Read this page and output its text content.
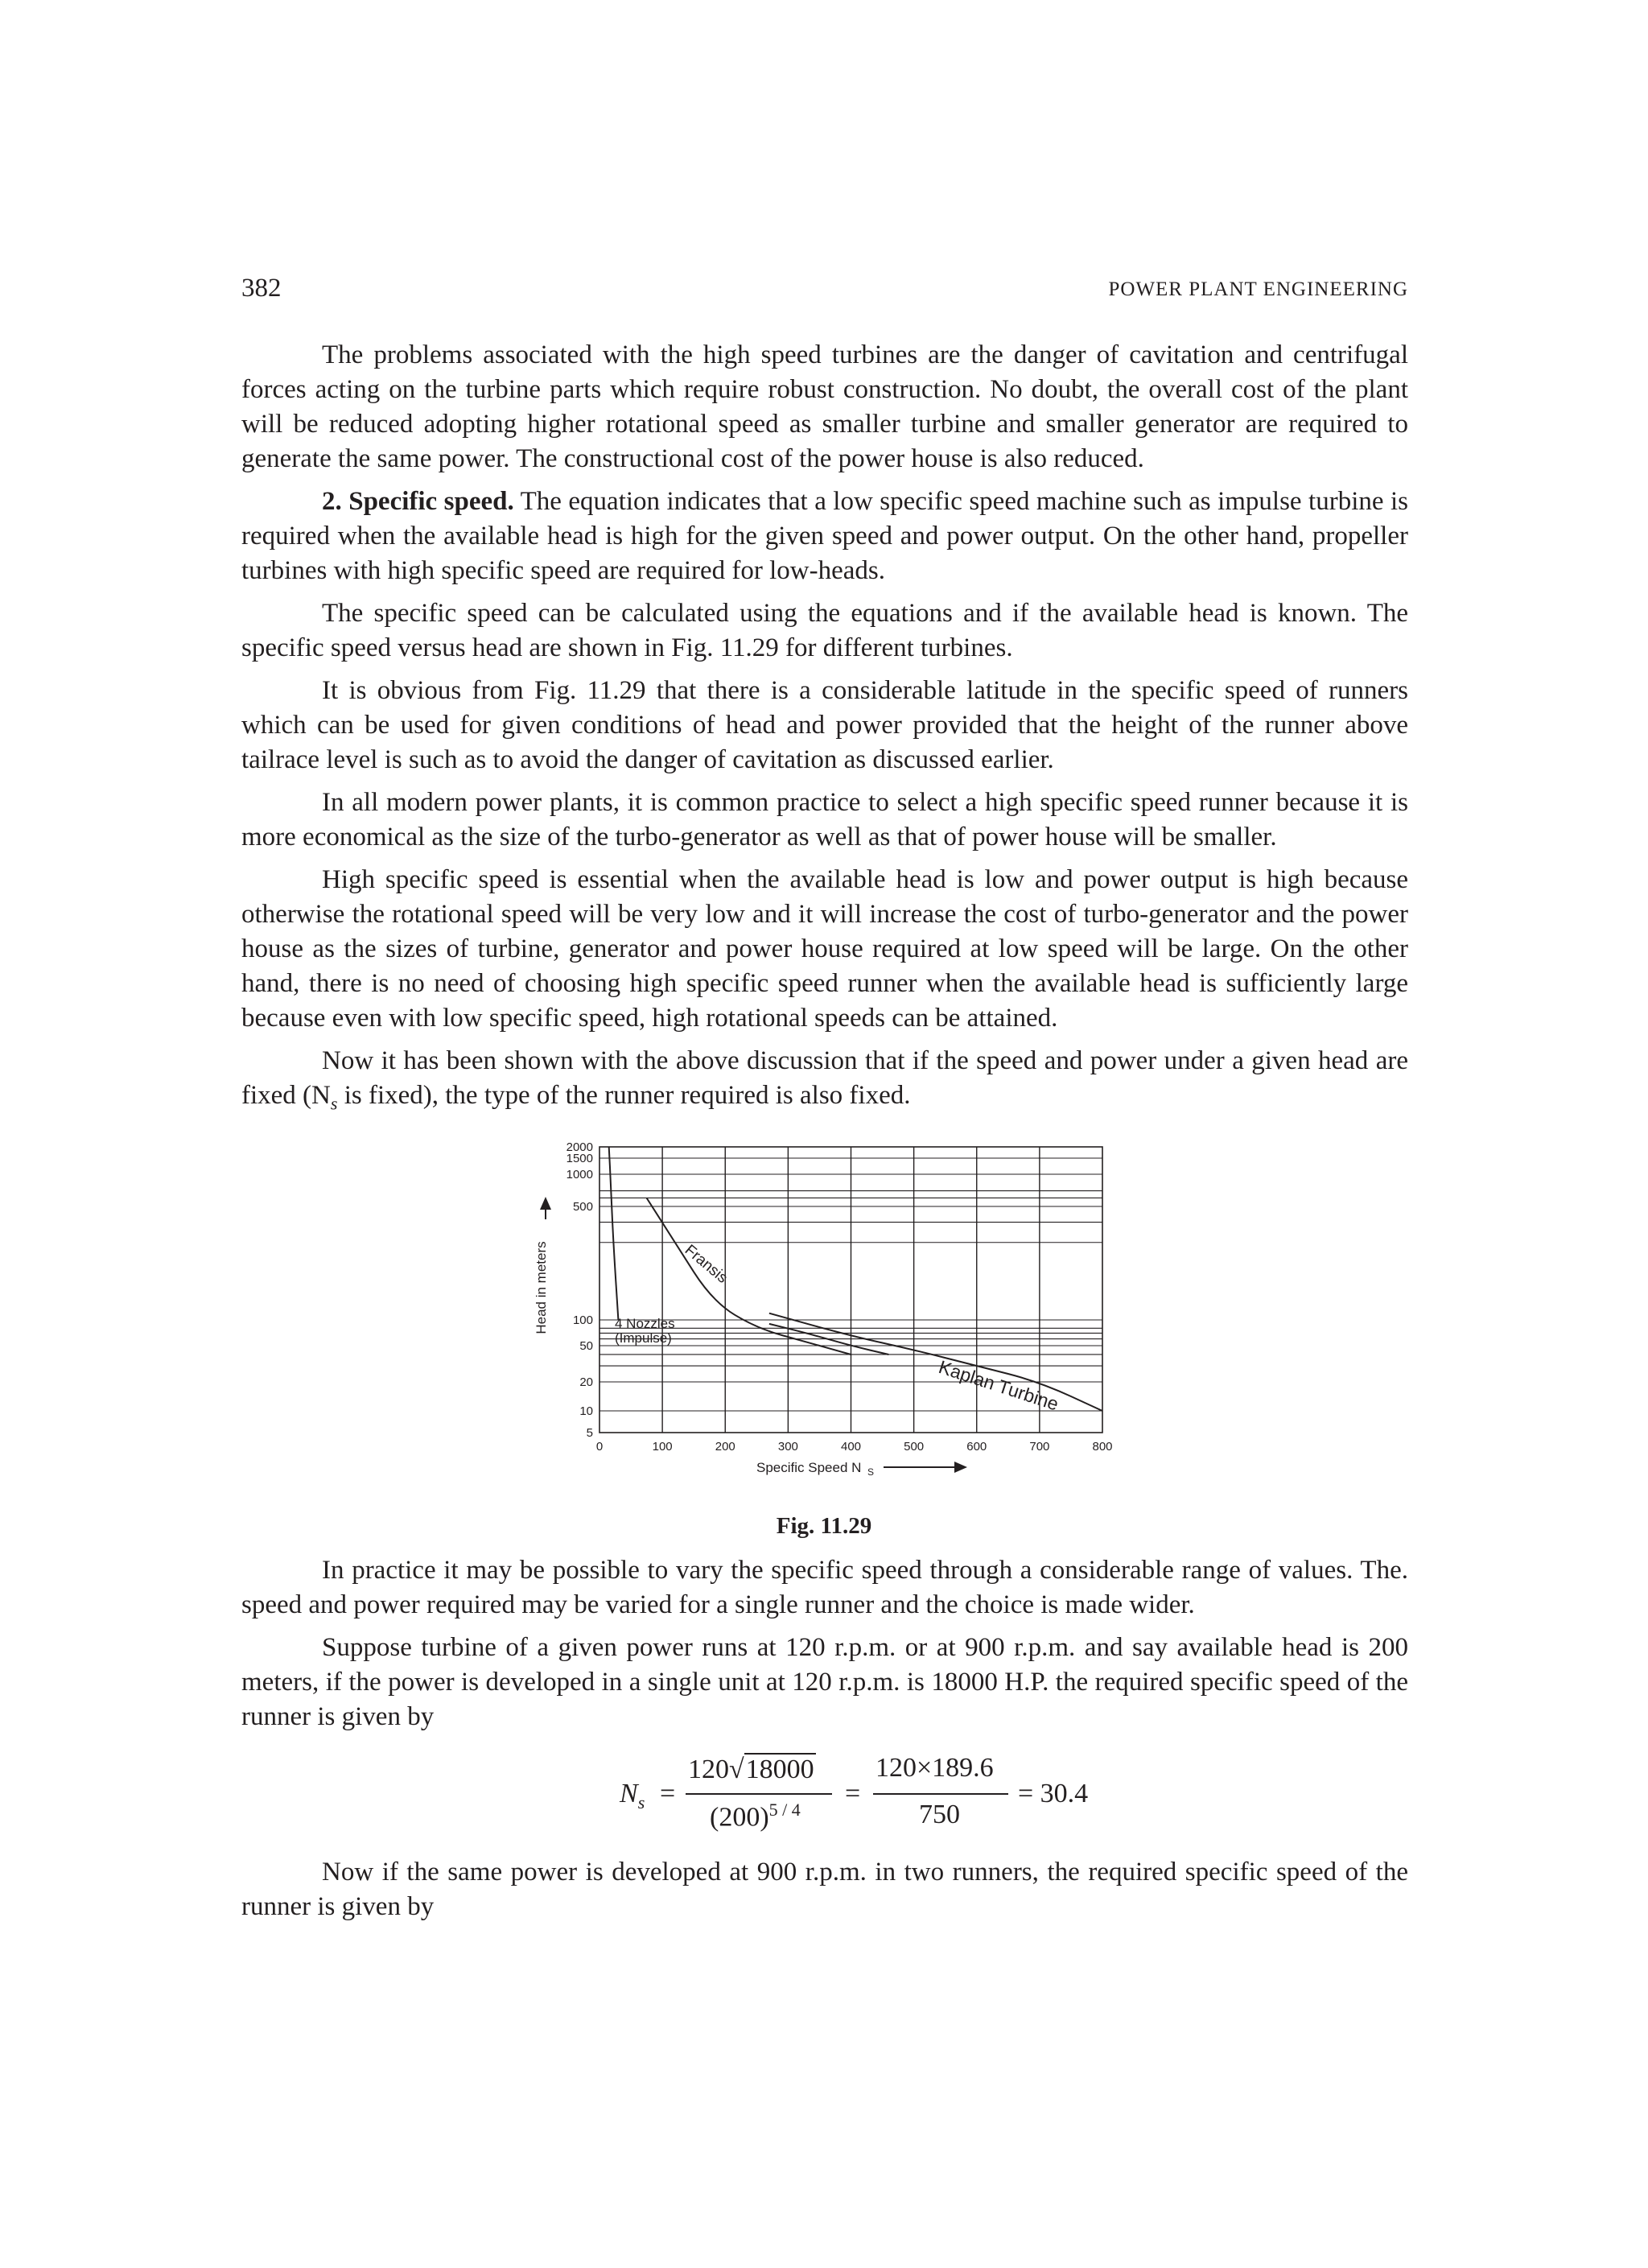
382	POWER PLANT ENGINEERING

The problems associated with the high speed turbines are the danger of cavitation and centrifugal forces acting on the turbine parts which require robust construction. No doubt, the overall cost of the plant will be reduced adopting higher rotational speed as smaller turbine and smaller generator are required to generate the same power. The constructional cost of the power house is also reduced.

2. Specific speed. The equation indicates that a low specific speed machine such as impulse turbine is required when the available head is high for the given speed and power output. On the other hand, propeller turbines with high specific speed are required for low-heads.

The specific speed can be calculated using the equations and if the available head is known. The specific speed versus head are shown in Fig. 11.29 for different turbines.

It is obvious from Fig. 11.29 that there is a considerable latitude in the specific speed of runners which can be used for given conditions of head and power provided that the height of the runner above tailrace level is such as to avoid the danger of cavitation as discussed earlier.

In all modern power plants, it is common practice to select a high specific speed runner because it is more economical as the size of the turbo-generator as well as that of power house will be smaller.

High specific speed is essential when the available head is low and power output is high because otherwise the rotational speed will be very low and it will increase the cost of turbo-generator and the power house as the sizes of turbine, generator and power house required at low speed will be large. On the other hand, there is no need of choosing high specific speed runner when the available head is sufficiently large because even with low specific speed, high rotational speeds can be attained.

Now it has been shown with the above discussion that if the speed and power under a given head are fixed ($N_s$ is fixed), the type of the runner required is also fixed.

0	100	200	300	400	500	600	700	800
5
10
20
50
100
500
1000
1500
2000
4 Nozzles
(Impulse)
Fransis
Kaplan Turbine
Head in meters
Specific Speed N S
Fig. 11.29

In practice it may be possible to vary the specific speed through a considerable range of values. The. speed and power required may be varied for a single runner and the choice is made wider.

Suppose turbine of a given power runs at 120 r.p.m. or at 900 r.p.m. and say available head is 200 meters, if the power is developed in a single unit at 120 r.p.m. is 18000 H.P. the required specific speed of the runner is given by

$N_s$ =
120√18000
$(200)^{5 / 4}$
=
120×189.6
750
= 30.4

Now if the same power is developed at 900 r.p.m. in two runners, the required specific speed of the runner is given by
